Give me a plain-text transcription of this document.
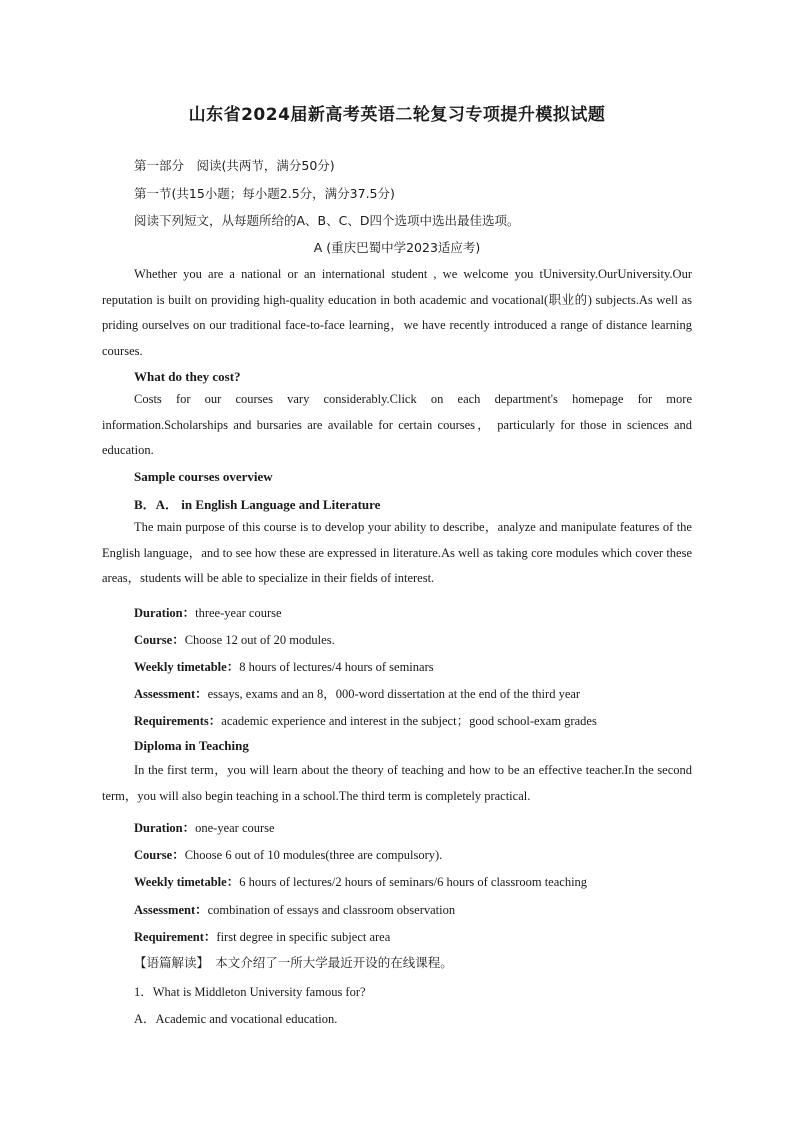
山东省2024届新高考英语二轮复习专项提升模拟试题
第一部分　阅读(共两节，满分50分)
第一节(共15小题；每小题2.5分，满分37.5分)
阅读下列短文，从每题所给的A、B、C、D四个选项中选出最佳选项。
A (重庆巴蜀中学2023适应考)
Whether you are a national or an international student , we welcome you tUniversity.OurUniversity.Our reputation is built on providing high-quality education in both academic and vocational(职业的) subjects.As well as priding ourselves on our traditional face-to-face learning，we have recently introduced a range of distance learning courses.
What do they cost?
Costs for our courses vary considerably.Click on each department's homepage for more information.Scholarships and bursaries are available for certain courses， particularly for those in sciences and education.
Sample courses overview
B．A． in English Language and Literature
The main purpose of this course is to develop your ability to describe，analyze and manipulate features of the English language，and to see how these are expressed in literature.As well as taking core modules which cover these areas，students will be able to specialize in their fields of interest.
Duration：three-year course
Course：Choose 12 out of 20 modules.
Weekly timetable：8 hours of lectures/4 hours of seminars
Assessment：essays, exams and an 8，000-word dissertation at the end of the third year
Requirements：academic experience and interest in the subject；good school-exam grades
Diploma in Teaching
In the first term，you will learn about the theory of teaching and how to be an effective teacher.In the second term，you will also begin teaching in a school.The third term is completely practical.
Duration：one-year course
Course：Choose 6 out of 10 modules(three are compulsory).
Weekly timetable：6 hours of lectures/2 hours of seminars/6 hours of classroom teaching
Assessment：combination of essays and classroom observation
Requirement：first degree in specific subject area
【语篇解读】　本文介绍了一所大学最近开设的在线课程。
1．What is Middleton University famous for?
A．Academic and vocational education.
